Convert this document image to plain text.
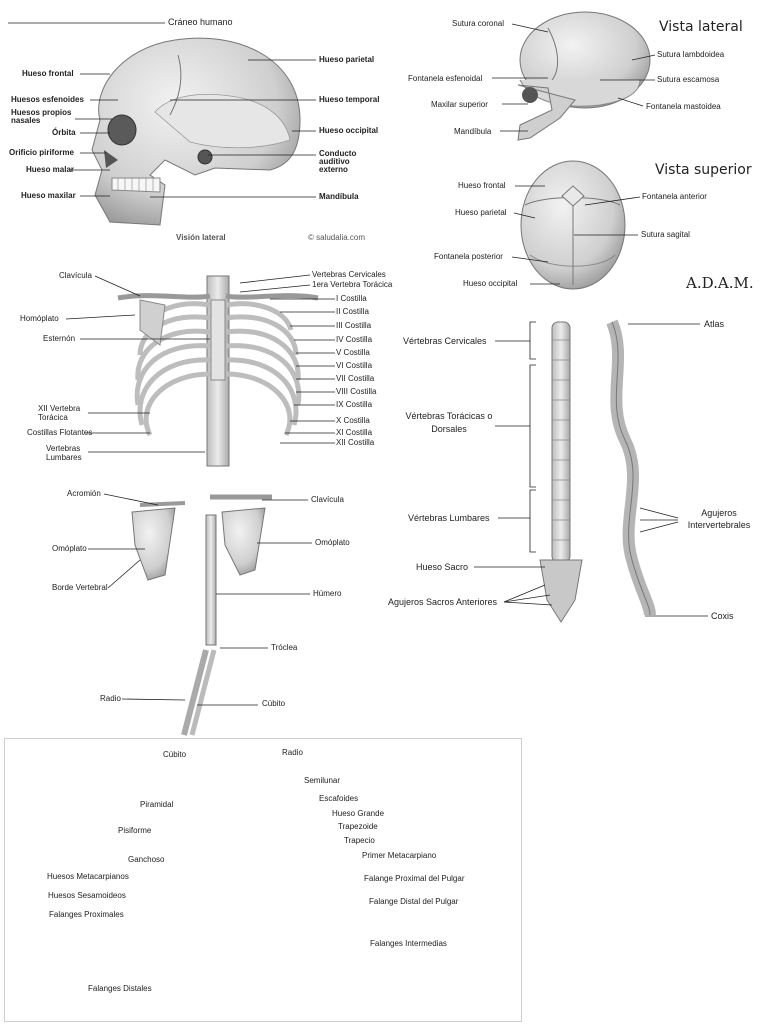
Cráneo humano
Hueso frontal
Huesos esfenoides
Huesos propios nasales
Órbita
Orificio piriforme
Hueso malar
Hueso maxilar
Hueso parietal
Hueso temporal
Hueso occipital
Conducto auditivo externo
Mandíbula
Visión lateral	© saludalia.com
Vista lateral
Sutura coronal
Fontanela esfenoidal
Maxilar superior
Mandíbula
Sutura lambdoidea
Sutura escamosa
Fontanela mastoidea
Vista superior
Hueso frontal
Hueso parietal
Fontanela posterior
Hueso occipital
Fontanela anterior
Sutura sagital
A.D.A.M.
Clavícula
Homóplato
Esternón
XII Vertebra Torácica
Costillas Flotantes
Vertebras Lumbares
Vertebras Cervicales
1era Vertebra Torácica
I Costilla
II Costilla
III Costilla
IV Costilla
V Costilla
VI Costilla
VII Costilla
VIII Costilla
IX Costilla
X Costilla
XI Costilla
XII Costilla
Vértebras Cervicales
Vértebras Torácicas o Dorsales
Vértebras Lumbares
Hueso Sacro
Agujeros Sacros Anteriores
Atlas
Agujeros Intervertebrales
Coxis
Acromión
Omóplato
Borde Vertebral
Radio
Clavícula
Omóplato
Húmero
Tróclea
Cúbito
Cúbito	Radio
Piramidal
Pisiforme
Ganchoso
Huesos Metacarpianos
Huesos Sesamoideos
Falanges Proximales
Falanges Distales
Semilunar
Escafoides
Hueso Grande
Trapezoide
Trapecio
Primer Metacarpiano
Falange Proximal del Pulgar
Falange Distal del Pulgar
Falanges Intermedias
